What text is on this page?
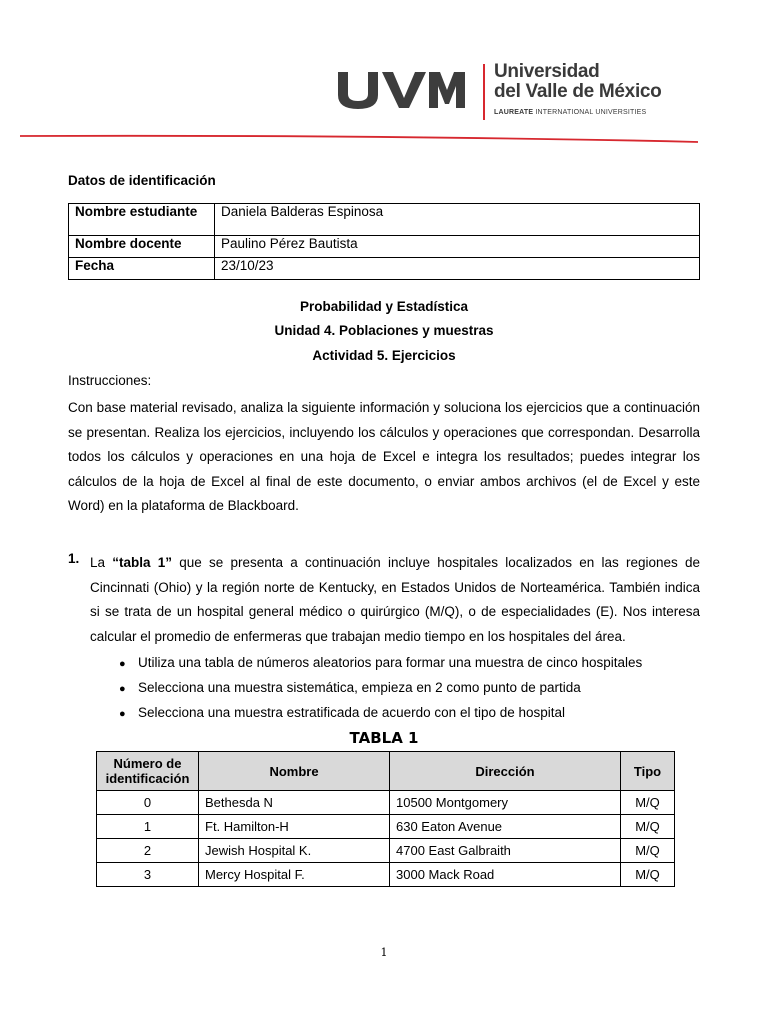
Universidad
del Valle de México
LAUREATE INTERNATIONAL UNIVERSITIES
Datos de identificación
Nombre estudiante	Daniela Balderas Espinosa
Nombre docente	Paulino Pérez Bautista
Fecha	23/10/23
Probabilidad y Estadística
Unidad 4. Poblaciones y muestras
Actividad 5. Ejercicios
Instrucciones:
Con base material revisado, analiza la siguiente información y soluciona los ejercicios que a continuación se presentan. Realiza los ejercicios, incluyendo los cálculos y operaciones que correspondan. Desarrolla todos los cálculos y operaciones en una hoja de Excel e integra los resultados; puedes integrar los cálculos de la hoja de Excel al final de este documento, o enviar ambos archivos (el de Excel y este Word) en la plataforma de Blackboard.
1. La “tabla 1” que se presenta a continuación incluye hospitales localizados en las regiones de Cincinnati (Ohio) y la región norte de Kentucky, en Estados Unidos de Norteamérica. También indica si se trata de un hospital general médico o quirúrgico (M/Q), o de especialidades (E). Nos interesa calcular el promedio de enfermeras que trabajan medio tiempo en los hospitales del área.
● Utiliza una tabla de números aleatorios para formar una muestra de cinco hospitales
● Selecciona una muestra sistemática, empieza en 2 como punto de partida
● Selecciona una muestra estratificada de acuerdo con el tipo de hospital
TABLA 1
Número de identificación	Nombre	Dirección	Tipo
0	Bethesda N	10500 Montgomery	M/Q
1	Ft. Hamilton-H	630 Eaton Avenue	M/Q
2	Jewish Hospital K.	4700 East Galbraith	M/Q
3	Mercy Hospital F.	3000 Mack Road	M/Q
1
